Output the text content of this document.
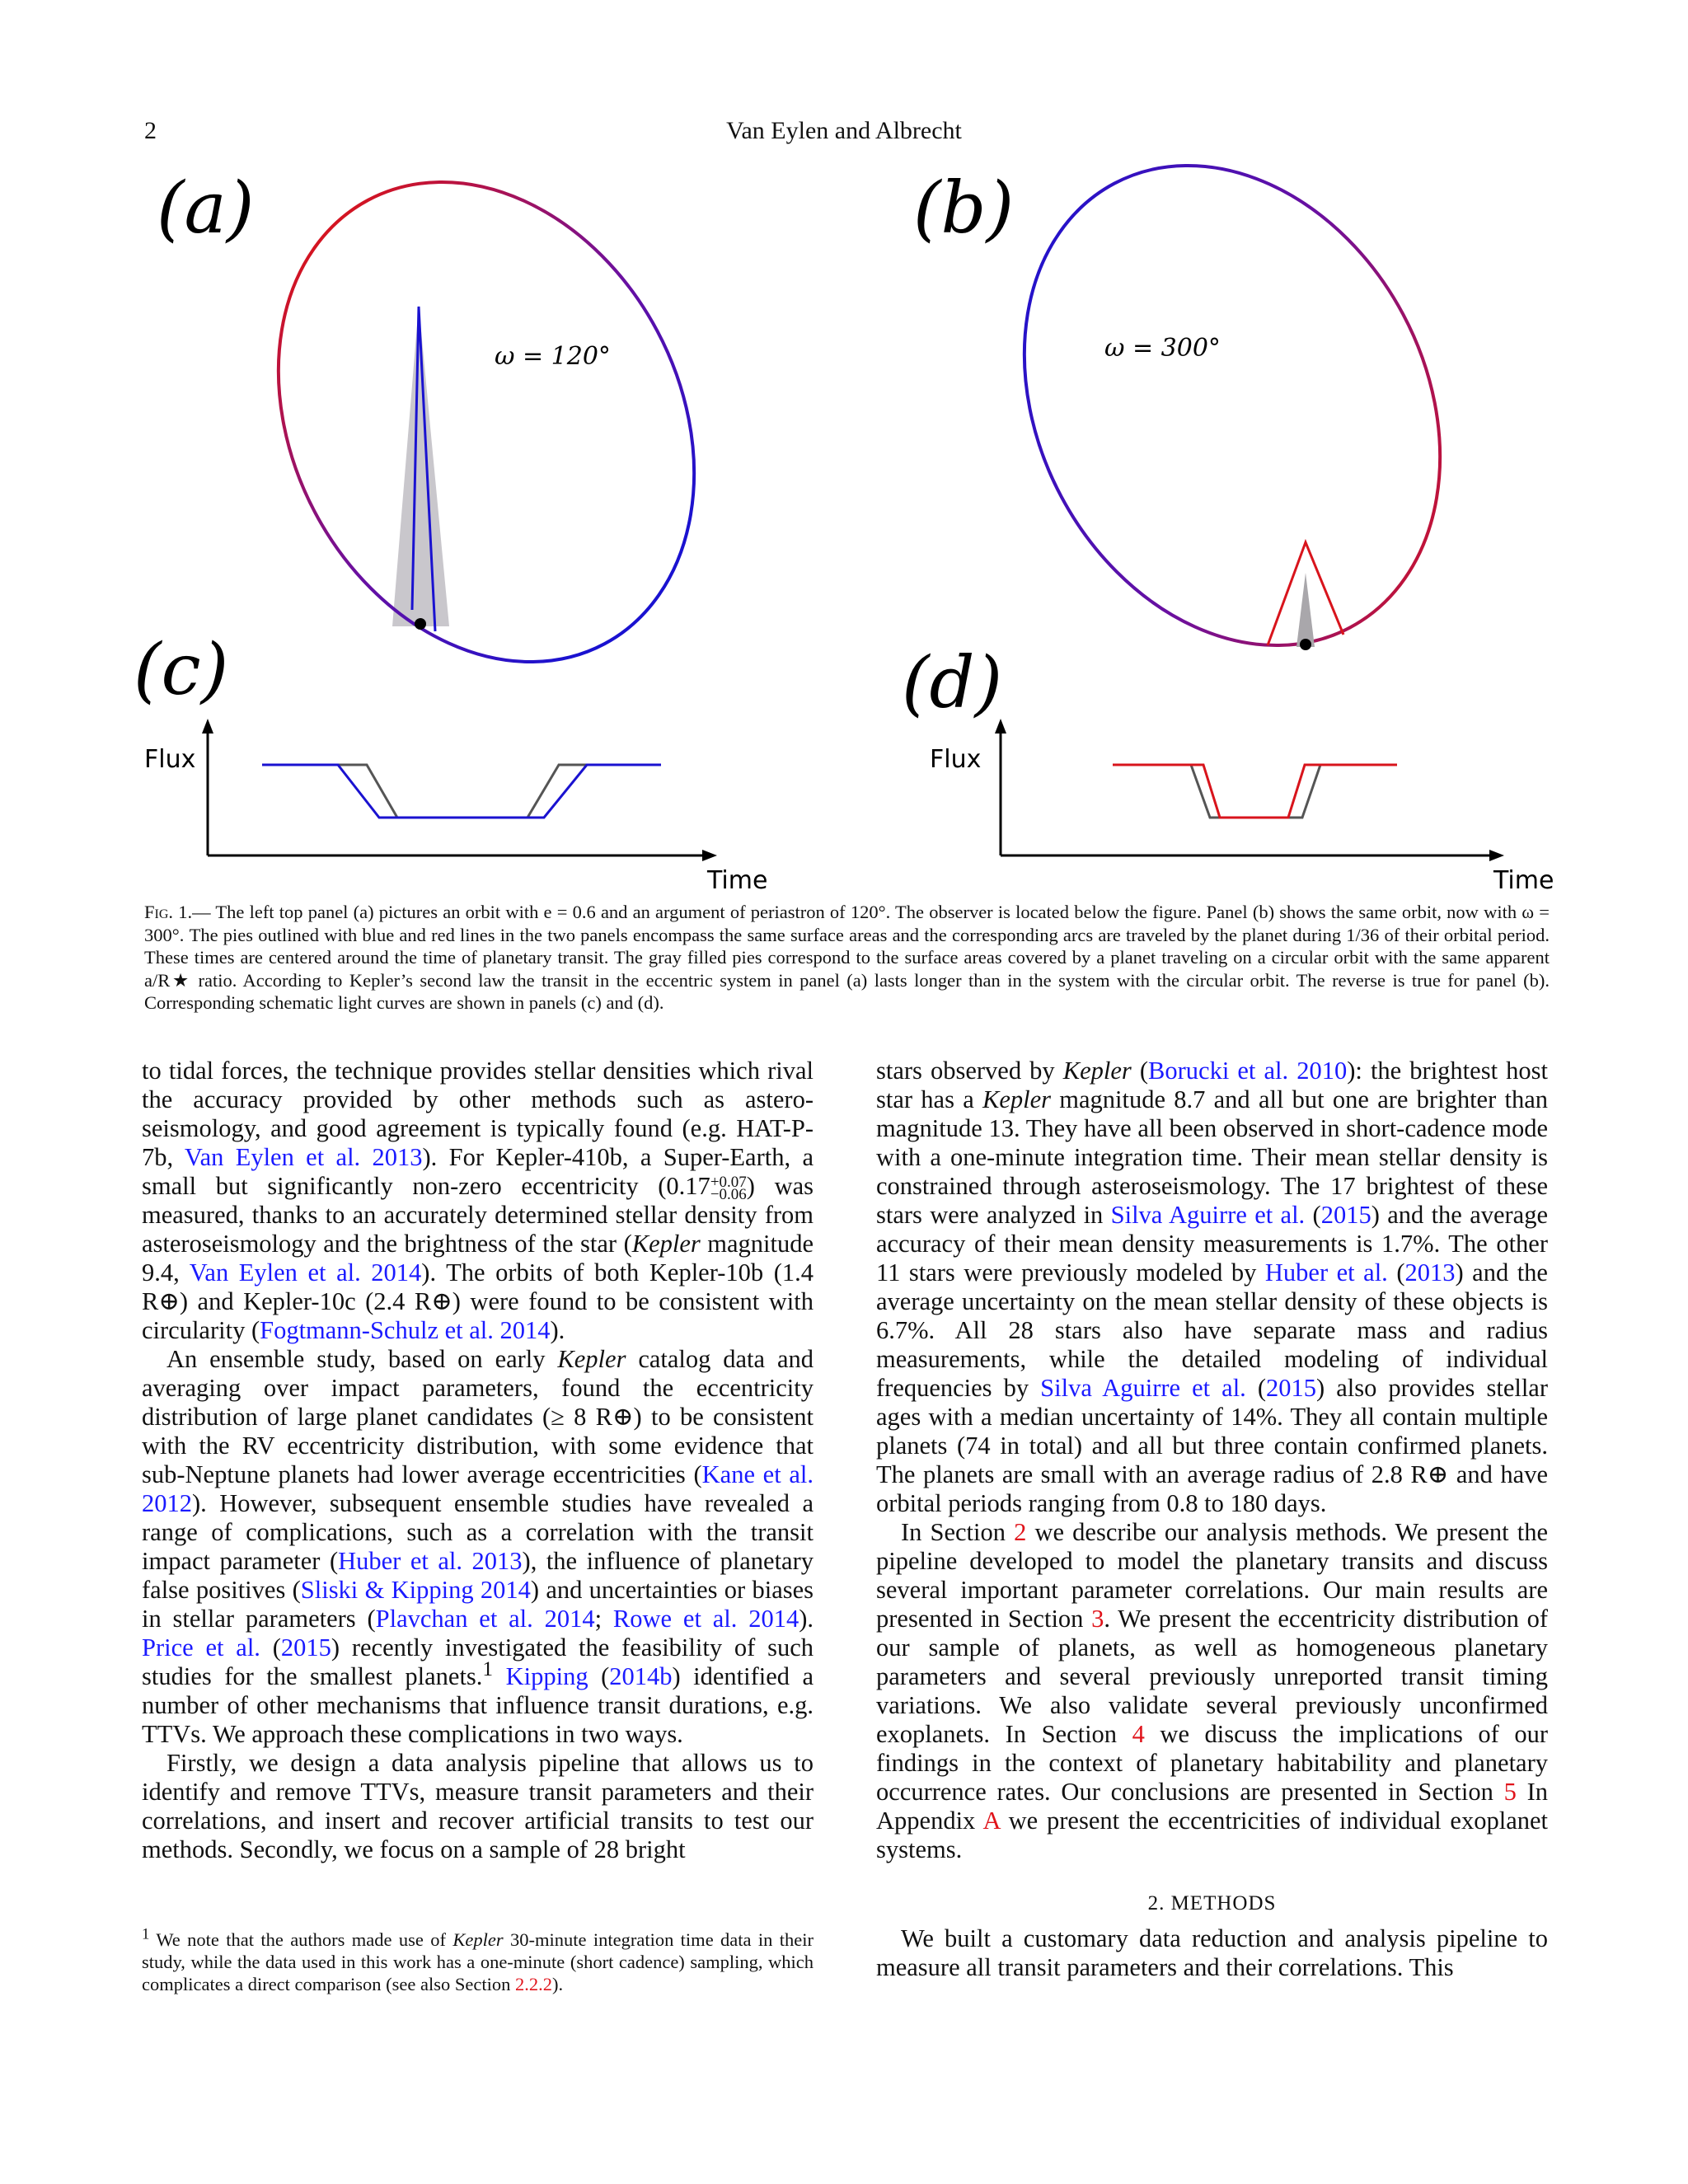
2	Van Eylen and Albrecht
(a)	(b)
(c)	(d)
ω = 120°	ω = 300°
Flux
Time
Flux
Time
Fig. 1.— The left top panel (a) pictures an orbit with e = 0.6 and an argument of periastron of 120°. The observer is located below the figure. Panel (b) shows the same orbit, now with ω = 300°. The pies outlined with blue and red lines in the two panels encompass the same surface areas and the corresponding arcs are traveled by the planet during 1/36 of their orbital period. These times are centered around the time of planetary transit. The gray filled pies correspond to the surface areas covered by a planet traveling on a circular orbit with the same apparent a/R★ ratio. According to Kepler’s second law the transit in the eccentric system in panel (a) lasts longer than in the system with the circular orbit. The reverse is true for panel (b). Corresponding schematic light curves are shown in panels (c) and (d).

to tidal forces, the technique provides stellar densities which rival the accuracy provided by other methods such as astero-seismology, and good agreement is typically found (e.g. HAT-P-7b, Van Eylen et al. 2013). For Kepler-410b, a Super-Earth, a small but significantly non-zero eccentricity (0.17 +0.07
−0.06 ) was measured, thanks to an accurately determined stellar density from asteroseismology and the brightness of the star (Kepler magnitude 9.4, Van Eylen et al. 2014). The orbits of both Kepler-10b (1.4 R⊕) and Kepler-10c (2.4 R⊕) were found to be consistent with circularity (Fogtmann-Schulz et al. 2014).

An ensemble study, based on early Kepler catalog data and averaging over impact parameters, found the eccentricity distribution of large planet candidates (≥ 8 R⊕) to be consistent with the RV eccentricity distribution, with some evidence that sub-Neptune planets had lower average eccentricities (Kane et al. 2012). However, subsequent ensemble studies have revealed a range of complications, such as a correlation with the transit impact parameter (Huber et al. 2013), the influence of planetary false positives (Sliski & Kipping 2014) and uncertainties or biases in stellar parameters (Plavchan et al. 2014; Rowe et al. 2014). Price et al. (2015) recently investigated the feasibility of such studies for the smallest planets.$^1$ Kipping (2014b) identified a number of other mechanisms that influence transit durations, e.g. TTVs. We approach these complications in two ways.

Firstly, we design a data analysis pipeline that allows us to identify and remove TTVs, measure transit parameters and their correlations, and insert and recover artificial transits to test our methods. Secondly, we focus on a sample of 28 bright

$^1$ We note that the authors made use of Kepler 30-minute integration time data in their study, while the data used in this work has a one-minute (short cadence) sampling, which complicates a direct comparison (see also Section 2.2.2).

stars observed by Kepler (Borucki et al. 2010): the brightest host star has a Kepler magnitude 8.7 and all but one are brighter than magnitude 13. They have all been observed in short-cadence mode with a one-minute integration time. Their mean stellar density is constrained through asteroseismology. The 17 brightest of these stars were analyzed in Silva Aguirre et al. (2015) and the average accuracy of their mean density measurements is 1.7%. The other 11 stars were previously modeled by Huber et al. (2013) and the average uncertainty on the mean stellar density of these objects is 6.7%. All 28 stars also have separate mass and radius measurements, while the detailed modeling of individual frequencies by Silva Aguirre et al. (2015) also provides stellar ages with a median uncertainty of 14%. They all contain multiple planets (74 in total) and all but three contain confirmed planets. The planets are small with an average radius of 2.8 R⊕ and have orbital periods ranging from 0.8 to 180 days.

In Section 2 we describe our analysis methods. We present the pipeline developed to model the planetary transits and discuss several important parameter correlations. Our main results are presented in Section 3. We present the eccentricity distribution of our sample of planets, as well as homogeneous planetary parameters and several previously unreported transit timing variations. We also validate several previously unconfirmed exoplanets. In Section 4 we discuss the implications of our findings in the context of planetary habitability and planetary occurrence rates. Our conclusions are presented in Section 5 In Appendix A we present the eccentricities of individual exoplanet systems.

2. METHODS

We built a customary data reduction and analysis pipeline to measure all transit parameters and their correlations. This
